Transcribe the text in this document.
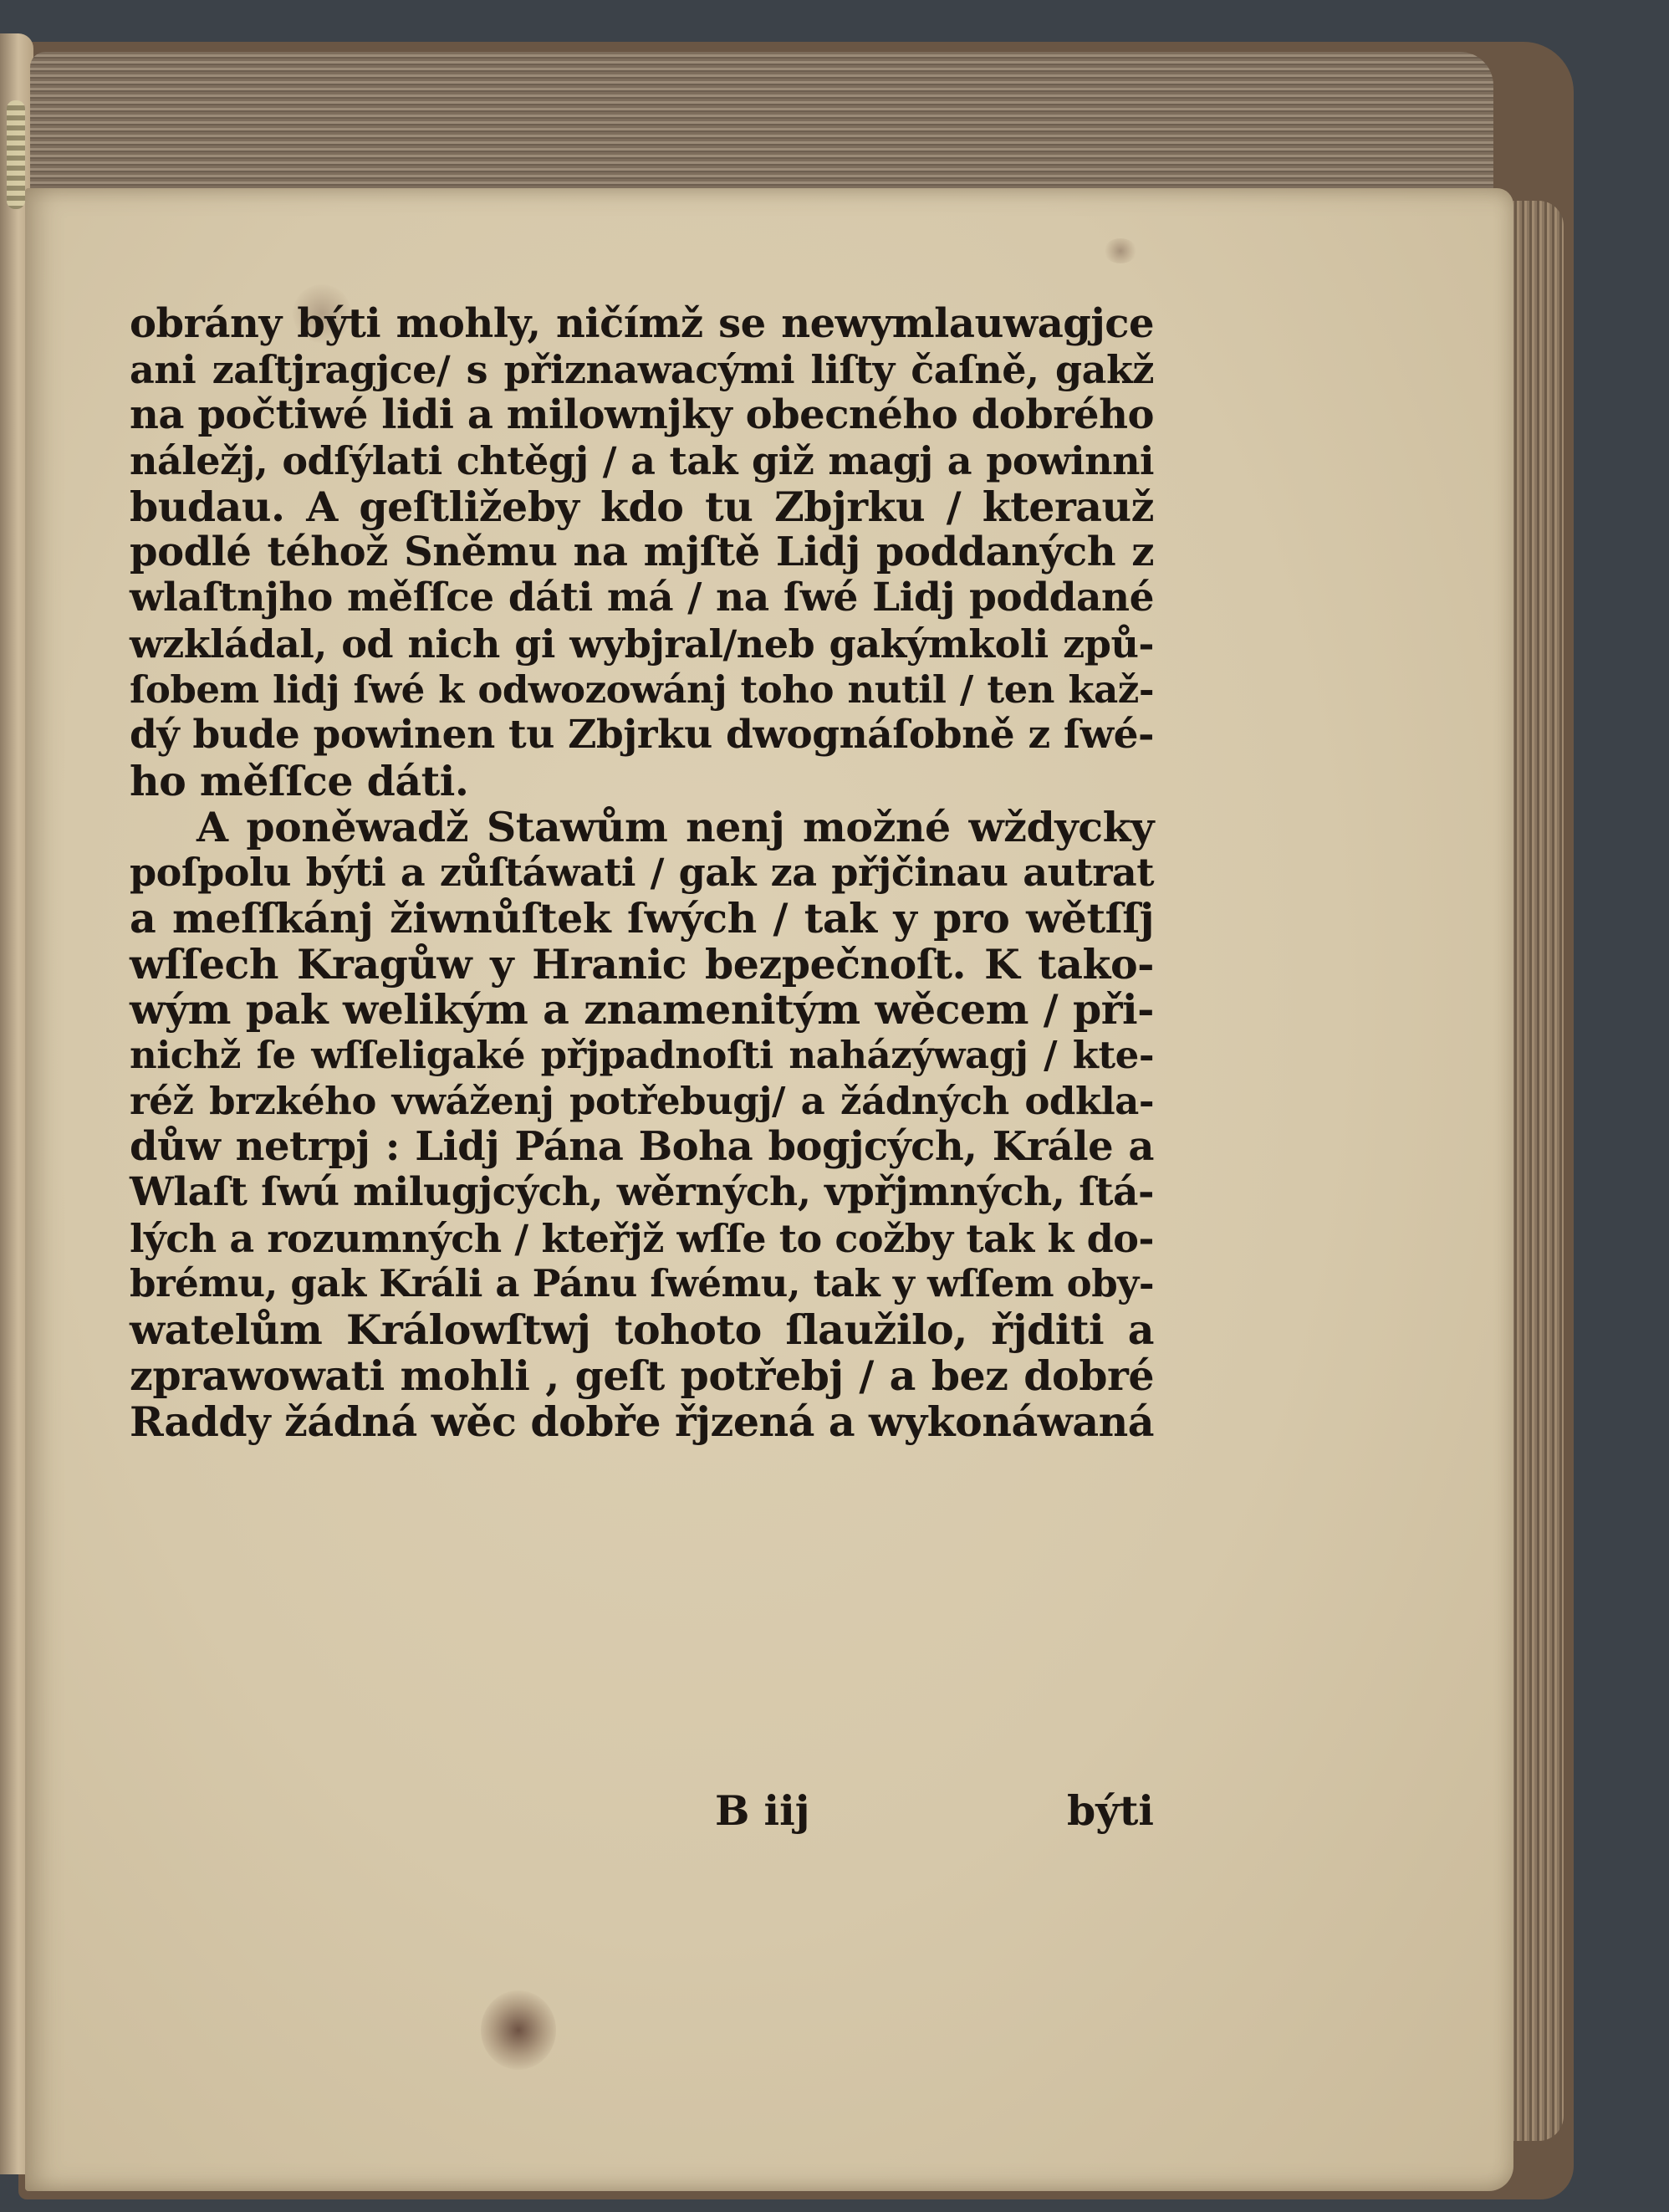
obrány býti mohly, ničímž se newymlauwagjce
ani zaſtjragjce/ s přiznawacými liſty čaſně, gakž
na počtiwé lidi a milownjky obecného dobrého
náležj, odſýlati chtěgj / a tak giž magj a powinni
budau. A geſtližeby kdo tu Zbjrku / kterauž
podlé téhož Sněmu na mjſtě Lidj poddaných z
wlaſtnjho měſſce dáti má / na ſwé Lidj poddané
wzkládal, od nich gi wybjral/neb gakýmkoli způ-
ſobem lidj ſwé k odwozowánj toho nutil / ten kaž-
dý bude powinen tu Zbjrku dwognáſobně z ſwé-
ho měſſce dáti.
A poněwadž Stawům nenj možné wždycky
poſpolu býti a zůſtáwati / gak za přjčinau autrat
a meſſkánj žiwnůſtek ſwých / tak y pro wětſſj
wſſech Kragůw y Hranic bezpečnoſt. K tako-
wým pak welikým a znamenitým wěcem / při-
nichž ſe wſſeligaké přjpadnoſti naházýwagj / kte-
réž brzkého vwáženj potřebugj/ a žádných odkla-
důw netrpj : Lidj Pána Boha bogjcých, Krále a
Wlaſt ſwú milugjcých, wěrných, vpřjmných, ſtá-
lých a rozumných / kteřjž wſſe to cožby tak k do-
brému, gak Králi a Pánu ſwému, tak y wſſem oby-
watelům Králowſtwj tohoto ſlaužilo, řjditi a
zprawowati mohli , geſt potřebj / a bez dobré
Raddy žádná wěc dobře řjzená a wykonáwaná
B iij	býti
